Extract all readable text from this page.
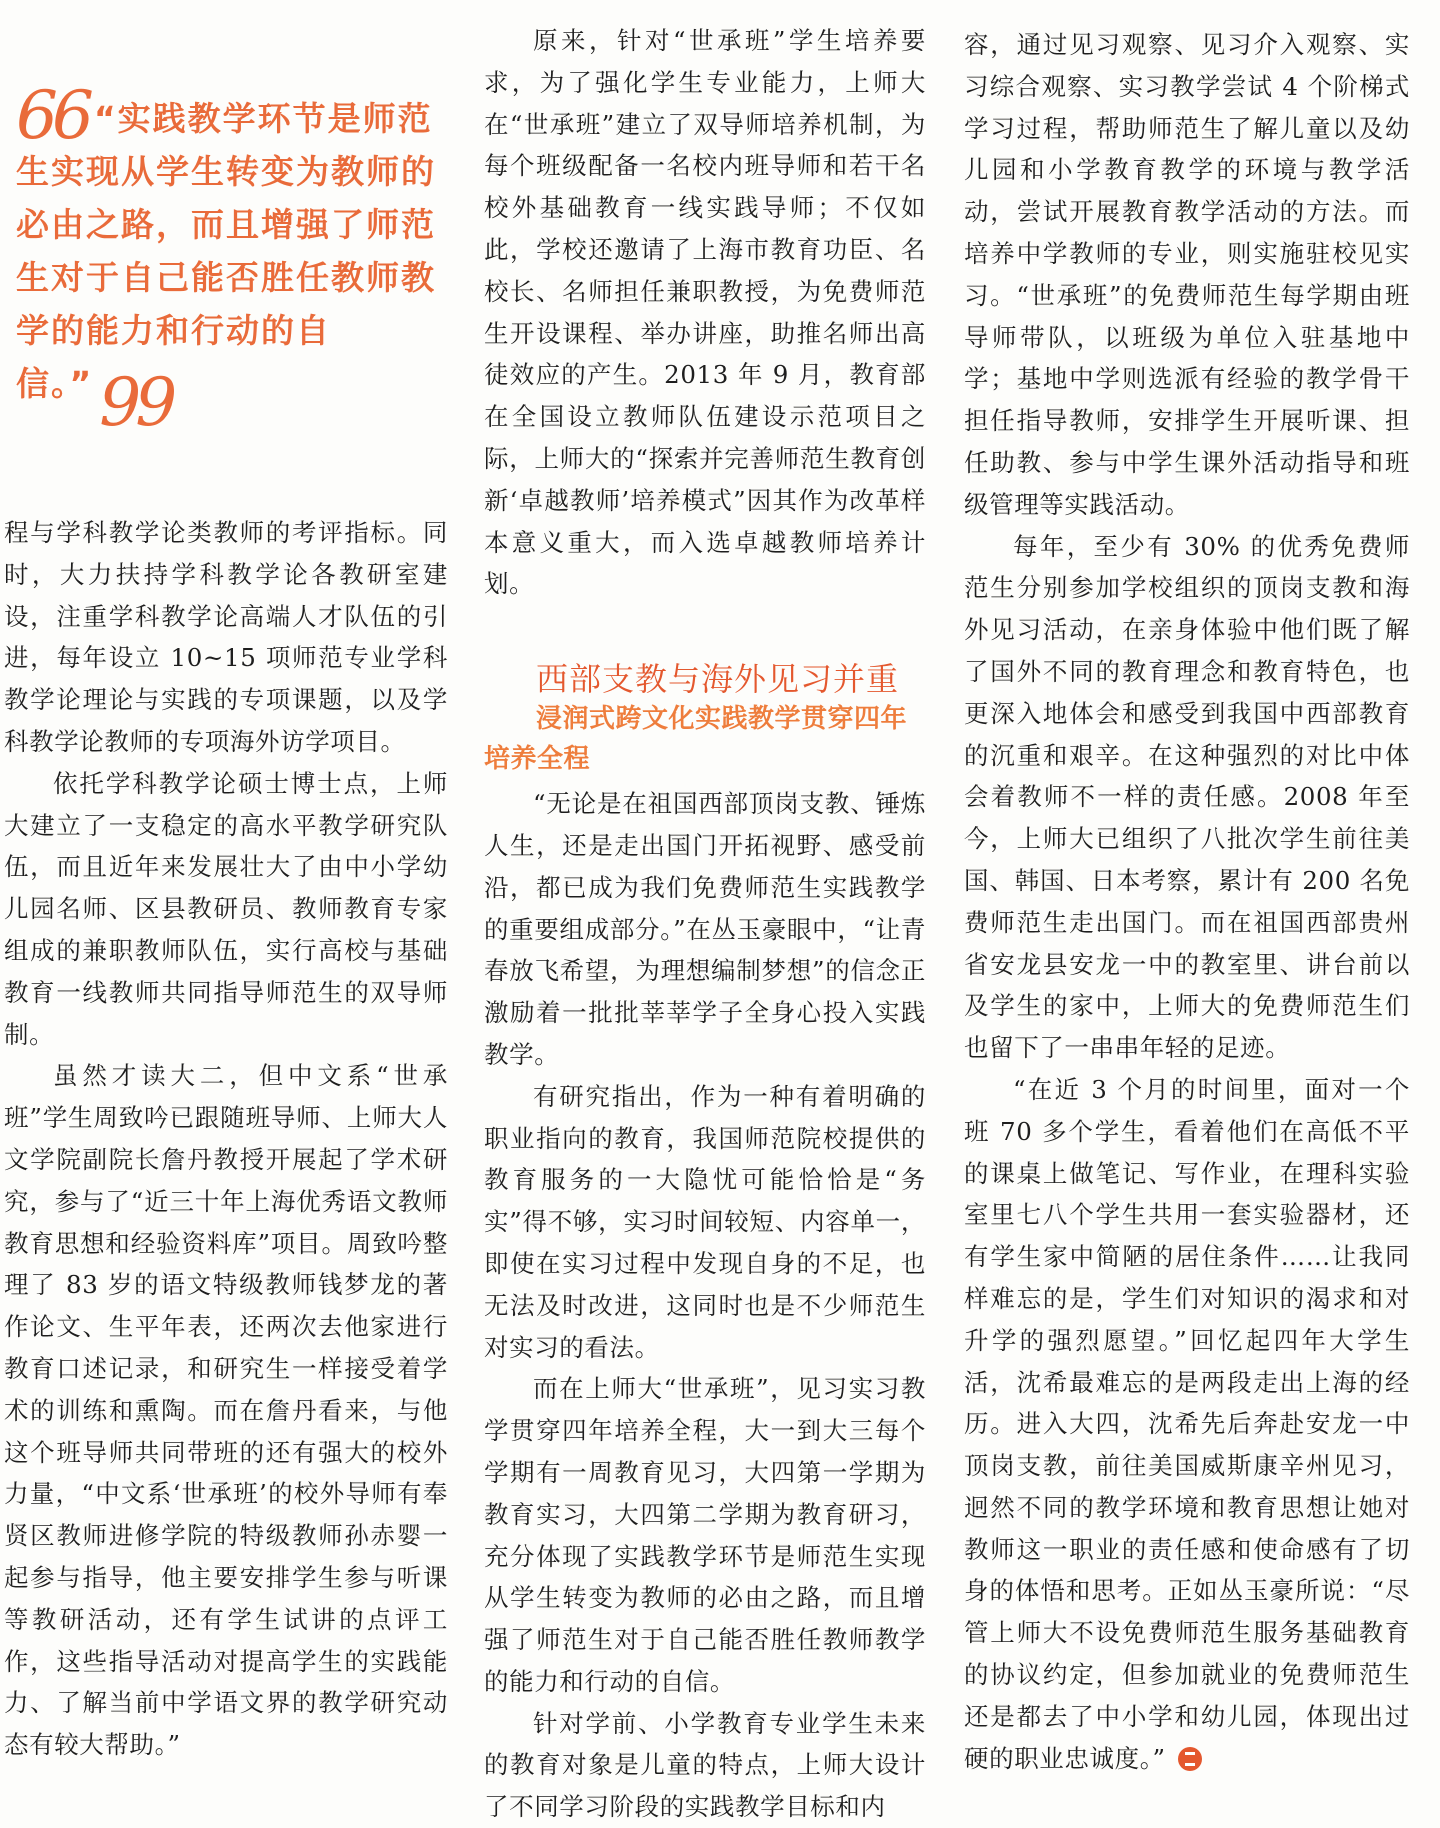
66 “实践教学环节是师范生实现从学生转变为教师的必由之路，而且增强了师范生对于自己能否胜任教师教学的能力和行动的自信。”99

程与学科教学论类教师的考评指标。同时，大力扶持学科教学论各教研室建设，注重学科教学论高端人才队伍的引进，每年设立 10~15 项师范专业学科教学论理论与实践的专项课题，以及学科教学论教师的专项海外访学项目。

依托学科教学论硕士博士点，上师大建立了一支稳定的高水平教学研究队伍，而且近年来发展壮大了由中小学幼儿园名师、区县教研员、教师教育专家组成的兼职教师队伍，实行高校与基础教育一线教师共同指导师范生的双导师制。

虽然才读大二，但中文系“世承班”学生周致吟已跟随班导师、上师大人文学院副院长詹丹教授开展起了学术研究，参与了“近三十年上海优秀语文教师教育思想和经验资料库”项目。周致吟整理了 83 岁的语文特级教师钱梦龙的著作论文、生平年表，还两次去他家进行教育口述记录，和研究生一样接受着学术的训练和熏陶。而在詹丹看来，与他这个班导师共同带班的还有强大的校外力量，“中文系‘世承班’的校外导师有奉贤区教师进修学院的特级教师孙赤婴一起参与指导，他主要安排学生参与听课等教研活动，还有学生试讲的点评工作，这些指导活动对提高学生的实践能力、了解当前中学语文界的教学研究动态有较大帮助。”

原来，针对“世承班”学生培养要求，为了强化学生专业能力，上师大在“世承班”建立了双导师培养机制，为每个班级配备一名校内班导师和若干名校外基础教育一线实践导师；不仅如此，学校还邀请了上海市教育功臣、名校长、名师担任兼职教授，为免费师范生开设课程、举办讲座，助推名师出高徒效应的产生。2013 年 9 月，教育部在全国设立教师队伍建设示范项目之际，上师大的“探索并完善师范生教育创新‘卓越教师’培养模式”因其作为改革样本意义重大，而入选卓越教师培养计划。

西部支教与海外见习并重

浸润式跨文化实践教学贯穿四年培养全程

“无论是在祖国西部顶岗支教、锤炼人生，还是走出国门开拓视野、感受前沿，都已成为我们免费师范生实践教学的重要组成部分。”在丛玉豪眼中，“让青春放飞希望，为理想编制梦想”的信念正激励着一批批莘莘学子全身心投入实践教学。

有研究指出，作为一种有着明确的职业指向的教育，我国师范院校提供的教育服务的一大隐忧可能恰恰是“务实”得不够，实习时间较短、内容单一，即使在实习过程中发现自身的不足，也无法及时改进，这同时也是不少师范生对实习的看法。

而在上师大“世承班”，见习实习教学贯穿四年培养全程，大一到大三每个学期有一周教育见习，大四第一学期为教育实习，大四第二学期为教育研习，充分体现了实践教学环节是师范生实现从学生转变为教师的必由之路，而且增强了师范生对于自己能否胜任教师教学的能力和行动的自信。

针对学前、小学教育专业学生未来的教育对象是儿童的特点，上师大设计了不同学习阶段的实践教学目标和内

容，通过见习观察、见习介入观察、实习综合观察、实习教学尝试 4 个阶梯式学习过程，帮助师范生了解儿童以及幼儿园和小学教育教学的环境与教学活动，尝试开展教育教学活动的方法。而培养中学教师的专业，则实施驻校见实习。“世承班”的免费师范生每学期由班导师带队，以班级为单位入驻基地中学；基地中学则选派有经验的教学骨干担任指导教师，安排学生开展听课、担任助教、参与中学生课外活动指导和班级管理等实践活动。

每年，至少有 30% 的优秀免费师范生分别参加学校组织的顶岗支教和海外见习活动，在亲身体验中他们既了解了国外不同的教育理念和教育特色，也更深入地体会和感受到我国中西部教育的沉重和艰辛。在这种强烈的对比中体会着教师不一样的责任感。2008 年至今，上师大已组织了八批次学生前往美国、韩国、日本考察，累计有 200 名免费师范生走出国门。而在祖国西部贵州省安龙县安龙一中的教室里、讲台前以及学生的家中，上师大的免费师范生们也留下了一串串年轻的足迹。

“在近 3 个月的时间里，面对一个班 70 多个学生，看着他们在高低不平的课桌上做笔记、写作业，在理科实验室里七八个学生共用一套实验器材，还有学生家中简陋的居住条件……让我同样难忘的是，学生们对知识的渴求和对升学的强烈愿望。”回忆起四年大学生活，沈希最难忘的是两段走出上海的经历。进入大四，沈希先后奔赴安龙一中顶岗支教，前往美国威斯康辛州见习，迥然不同的教学环境和教育思想让她对教师这一职业的责任感和使命感有了切身的体悟和思考。正如丛玉豪所说：“尽管上师大不设免费师范生服务基础教育的协议约定，但参加就业的免费师范生还是都去了中小学和幼儿园，体现出过硬的职业忠诚度。”
